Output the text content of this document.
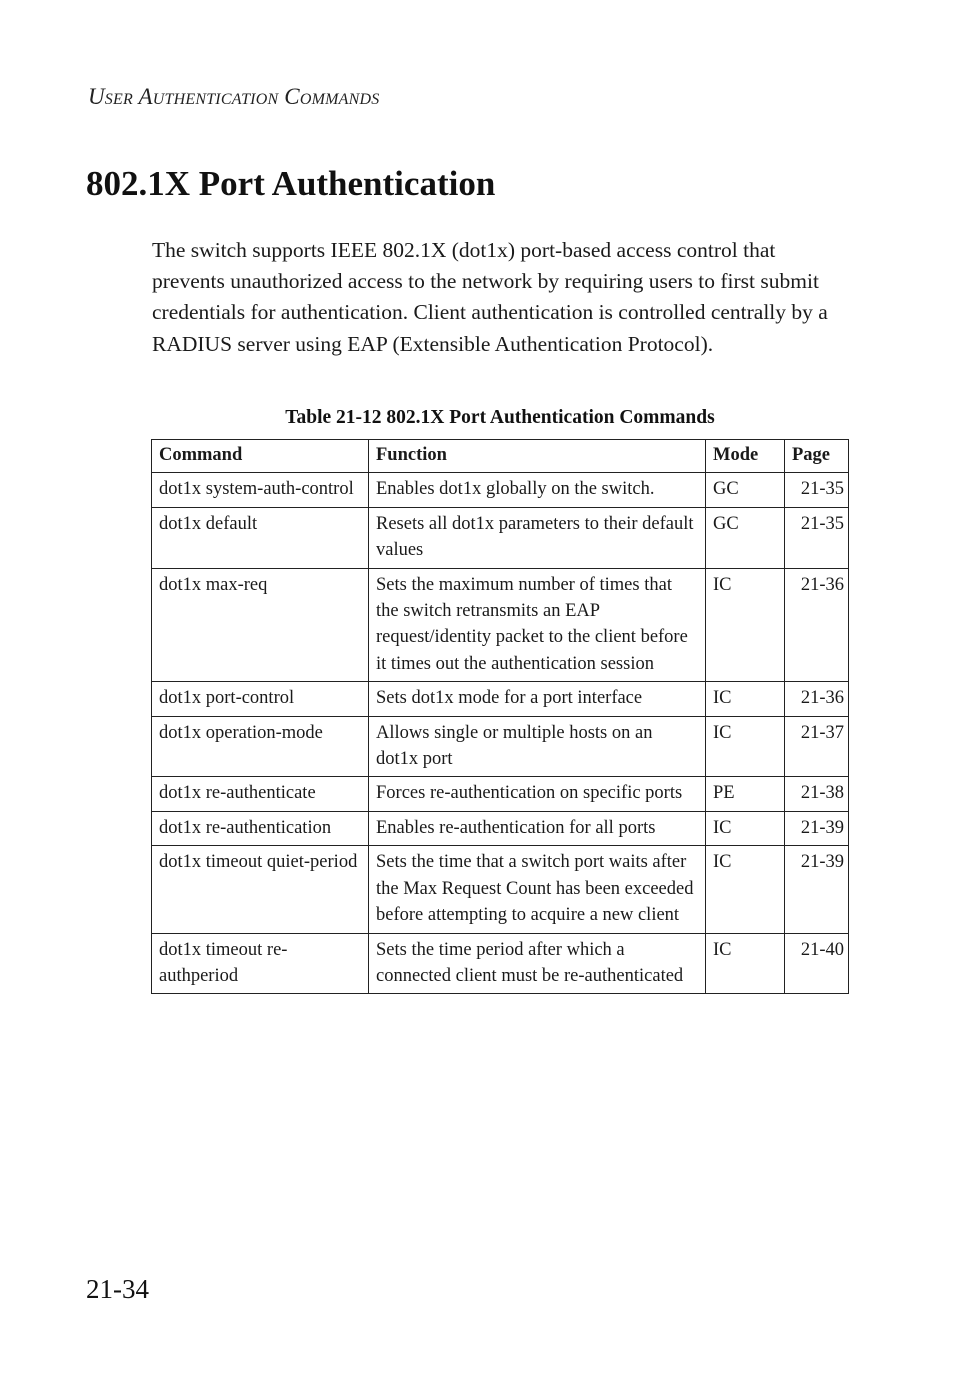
User Authentication Commands
802.1X Port Authentication

The switch supports IEEE 802.1X (dot1x) port-based access control that prevents unauthorized access to the network by requiring users to first submit credentials for authentication. Client authentication is controlled centrally by a RADIUS server using EAP (Extensible Authentication Protocol).

Table 21-12 802.1X Port Authentication Commands
Command	Function	Mode	Page
dot1x system-auth-control	Enables dot1x globally on the switch.	GC	21-35
dot1x default	Resets all dot1x parameters to their default values	GC	21-35
dot1x max-req	Sets the maximum number of times that the switch retransmits an EAP request/identity packet to the client before it times out the authentication session	IC	21-36
dot1x port-control	Sets dot1x mode for a port interface	IC	21-36
dot1x operation-mode	Allows single or multiple hosts on an dot1x port	IC	21-37
dot1x re-authenticate	Forces re-authentication on specific ports	PE	21-38
dot1x re-authentication	Enables re-authentication for all ports	IC	21-39
dot1x timeout quiet-period	Sets the time that a switch port waits after the Max Request Count has been exceeded before attempting to acquire a new client	IC	21-39
dot1x timeout re-authperiod	Sets the time period after which a connected client must be re-authenticated	IC	21-40
21-34
